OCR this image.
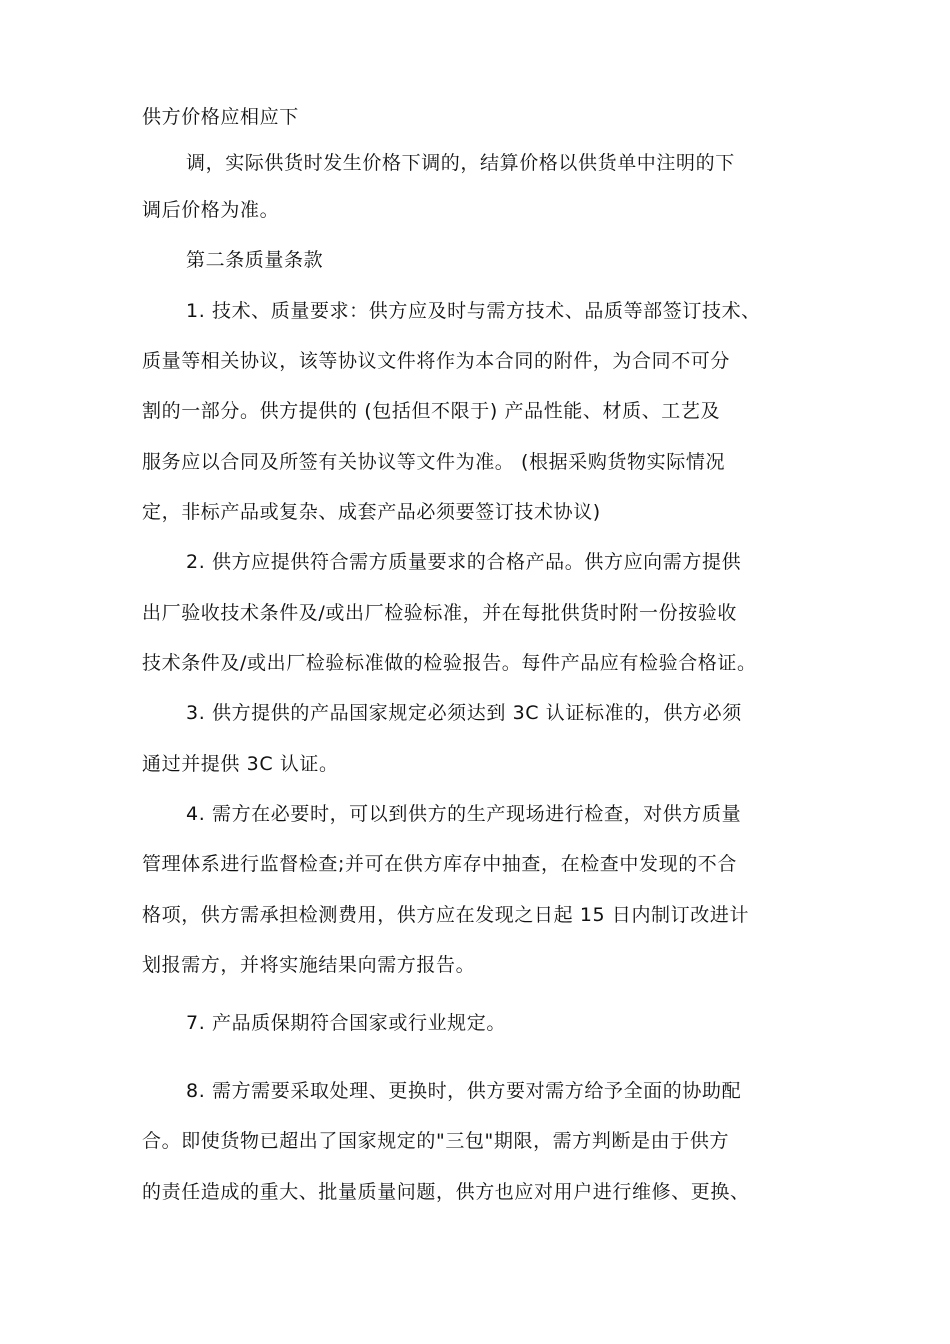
供方价格应相应下
调，实际供货时发生价格下调的，结算价格以供货单中注明的下
调后价格为准。
第二条质量条款
1. 技术、质量要求：供方应及时与需方技术、品质等部签订技术、
质量等相关协议，该等协议文件将作为本合同的附件，为合同不可分
割的一部分。供方提供的 (包括但不限于) 产品性能、材质、工艺及
服务应以合同及所签有关协议等文件为准。 (根据采购货物实际情况
定，非标产品或复杂、成套产品必须要签订技术协议)
2. 供方应提供符合需方质量要求的合格产品。供方应向需方提供
出厂验收技术条件及/或出厂检验标准，并在每批供货时附一份按验收
技术条件及/或出厂检验标准做的检验报告。每件产品应有检验合格证。
3. 供方提供的产品国家规定必须达到 3C 认证标准的，供方必须
通过并提供 3C 认证。
4. 需方在必要时，可以到供方的生产现场进行检查，对供方质量
管理体系进行监督检查;并可在供方库存中抽查，在检查中发现的不合
格项，供方需承担检测费用，供方应在发现之日起 15 日内制订改进计
划报需方，并将实施结果向需方报告。
7. 产品质保期符合国家或行业规定。
8. 需方需要采取处理、更换时，供方要对需方给予全面的协助配
合。即使货物已超出了国家规定的"三包"期限，需方判断是由于供方
的责任造成的重大、批量质量问题，供方也应对用户进行维修、更换、
